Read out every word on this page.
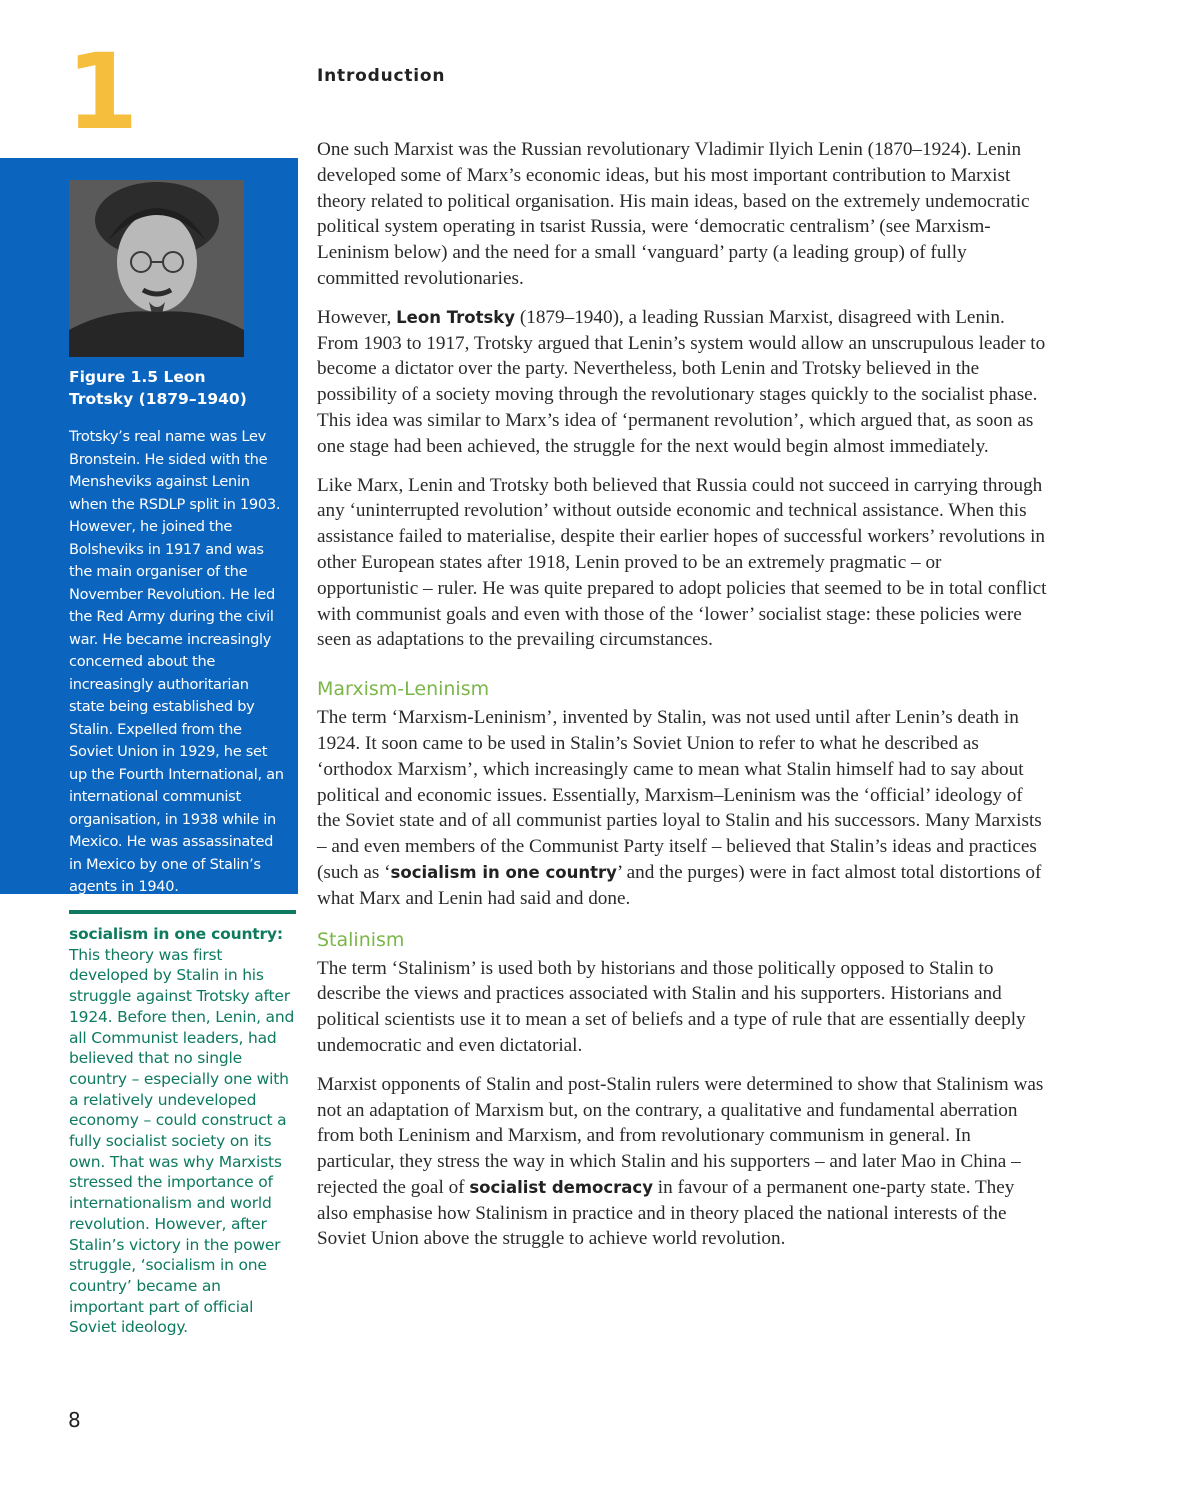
1	Introduction
Figure 1.5 Leon
Trotsky (1879–1940)
Trotsky’s real name was Lev Bronstein. He sided with the Mensheviks against Lenin when the RSDLP split in 1903. However, he joined the Bolsheviks in 1917 and was the main organiser of the November Revolution. He led the Red Army during the civil war. He became increasingly concerned about the increasingly authoritarian state being established by Stalin. Expelled from the Soviet Union in 1929, he set up the Fourth International, an international communist organisation, in 1938 while in Mexico. He was assassinated in Mexico by one of Stalin’s agents in 1940.
socialism in one country: This theory was first developed by Stalin in his struggle against Trotsky after 1924. Before then, Lenin, and all Communist leaders, had believed that no single country – especially one with a relatively undeveloped economy – could construct a fully socialist society on its own. That was why Marxists stressed the importance of internationalism and world revolution. However, after Stalin’s victory in the power struggle, ‘socialism in one country’ became an important part of official Soviet ideology.

One such Marxist was the Russian revolutionary Vladimir Ilyich Lenin (1870–1924). Lenin developed some of Marx’s economic ideas, but his most important contribution to Marxist theory related to political organisation. His main ideas, based on the extremely undemocratic political system operating in tsarist Russia, were ‘democratic centralism’ (see Marxism-Leninism below) and the need for a small ‘vanguard’ party (a leading group) of fully committed revolutionaries.

However, Leon Trotsky (1879–1940), a leading Russian Marxist, disagreed with Lenin. From 1903 to 1917, Trotsky argued that Lenin’s system would allow an unscrupulous leader to become a dictator over the party. Nevertheless, both Lenin and Trotsky believed in the possibility of a society moving through the revolutionary stages quickly to the socialist phase. This idea was similar to Marx’s idea of ‘permanent revolution’, which argued that, as soon as one stage had been achieved, the struggle for the next would begin almost immediately.

Like Marx, Lenin and Trotsky both believed that Russia could not succeed in carrying through any ‘uninterrupted revolution’ without outside economic and technical assistance. When this assistance failed to materialise, despite their earlier hopes of successful workers’ revolutions in other European states after 1918, Lenin proved to be an extremely pragmatic – or opportunistic – ruler. He was quite prepared to adopt policies that seemed to be in total conflict with communist goals and even with those of the ‘lower’ socialist stage: these policies were seen as adaptations to the prevailing circumstances.

Marxism-Leninism

The term ‘Marxism-Leninism’, invented by Stalin, was not used until after Lenin’s death in 1924. It soon came to be used in Stalin’s Soviet Union to refer to what he described as ‘orthodox Marxism’, which increasingly came to mean what Stalin himself had to say about political and economic issues. Essentially, Marxism–Leninism was the ‘official’ ideology of the Soviet state and of all communist parties loyal to Stalin and his successors. Many Marxists – and even members of the Communist Party itself – believed that Stalin’s ideas and practices (such as ‘socialism in one country’ and the purges) were in fact almost total distortions of what Marx and Lenin had said and done.

Stalinism

The term ‘Stalinism’ is used both by historians and those politically opposed to Stalin to describe the views and practices associated with Stalin and his supporters. Historians and political scientists use it to mean a set of beliefs and a type of rule that are essentially deeply undemocratic and even dictatorial.

Marxist opponents of Stalin and post-Stalin rulers were determined to show that Stalinism was not an adaptation of Marxism but, on the contrary, a qualitative and fundamental aberration from both Leninism and Marxism, and from revolutionary communism in general. In particular, they stress the way in which Stalin and his supporters – and later Mao in China – rejected the goal of socialist democracy in favour of a permanent one-party state. They also emphasise how Stalinism in practice and in theory placed the national interests of the Soviet Union above the struggle to achieve world revolution.

8
